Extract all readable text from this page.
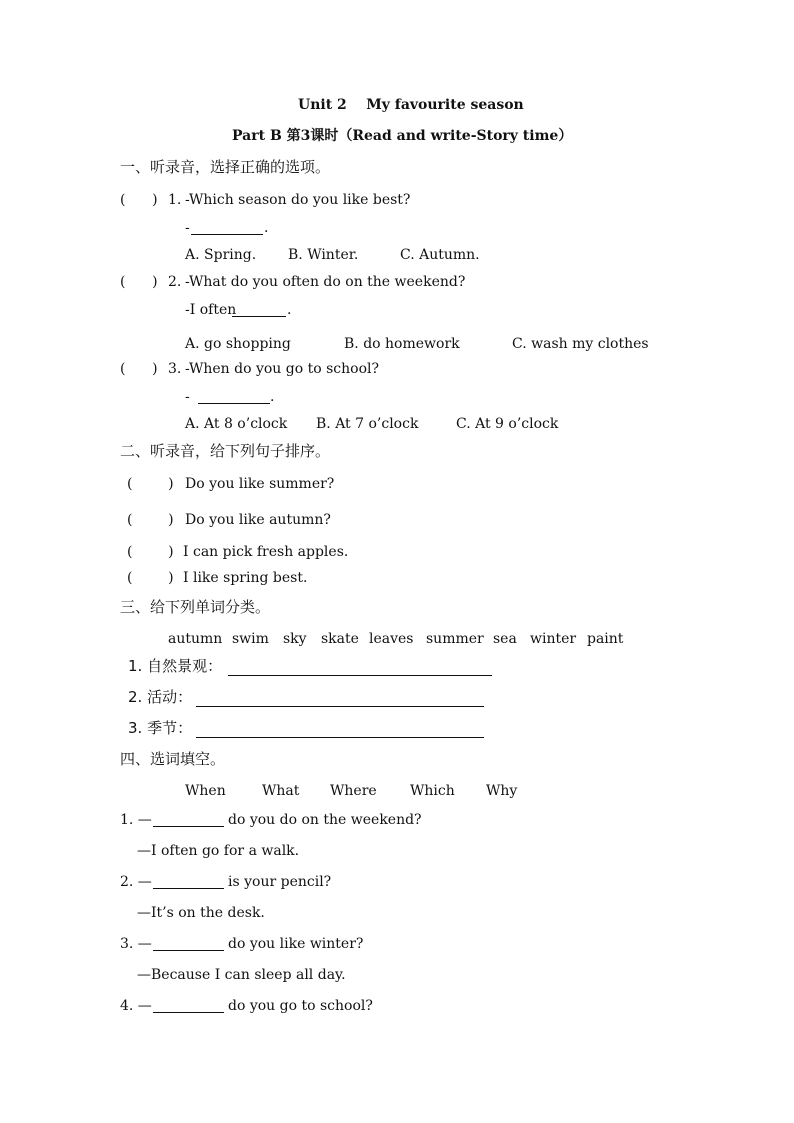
Unit 2    My favourite season
Part B 第3课时（Read and write-Story time）
一、听录音，选择正确的选项。
(      ) 1. -Which season do you like best?
-	.
A. Spring. B. Winter.	C. Autumn.
(      ) 2. -What do you often do on the weekend?
-I often	.
A. go shopping	B. do homework	C. wash my clothes
(      ) 3. -When do you go to school?
-	.
A. At 8 o’clock B. At 7 o’clock	C. At 9 o’clock
二、听录音，给下列句子排序。
(        ) Do you like summer?
(        ) Do you like autumn?
(        ) I can pick fresh apples.
(        ) I like spring best.
三、给下列单词分类。
autumn swim sky skate leaves summer sea winter paint
1. 自然景观：
2. 活动：
3. 季节：
四、选词填空。
When	What Where Which Why
1. —	do you do on the weekend?
—I often go for a walk.
2. —	is your pencil?
—It’s on the desk.
3. —	do you like winter?
—Because I can sleep all day.
4. —	do you go to school?
